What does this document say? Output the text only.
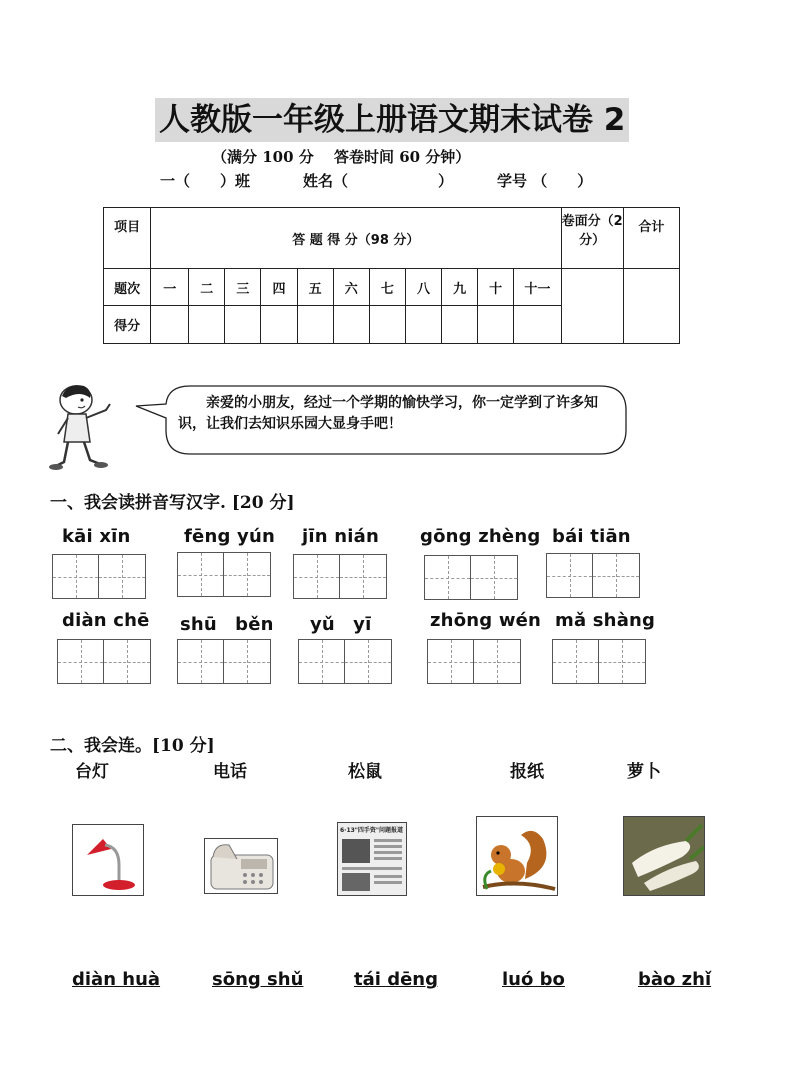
人教版一年级上册语文期末试卷 2
（满分 100 分　 答卷时间 60 分钟）
一（　　）班	姓名（　　　　　　）	学号 （　　）
项目	答 题 得 分（98 分）											卷面分（2分）	合计
题次	一	二	三	四	五	六	七	八	九	十	十一		
得分													
　　亲爱的小朋友，经过一个学期的愉快学习，你一定学到了许多知识，让我们去知识乐园大显身手吧！
一、我会读拼音写汉字. [20 分]
kāi xīn	fēng yún jīn nián gōng zhèng bái tiān
diàn chē shū　běn yǔ　yī	zhōng wén mǎ shàng
二、我会连。[10 分]
台灯	电话	松鼠	报纸	萝卜
6·13"四手资"问题报道
diàn huà	sōng shǔ	tái dēng	luó bo	bào zhǐ
